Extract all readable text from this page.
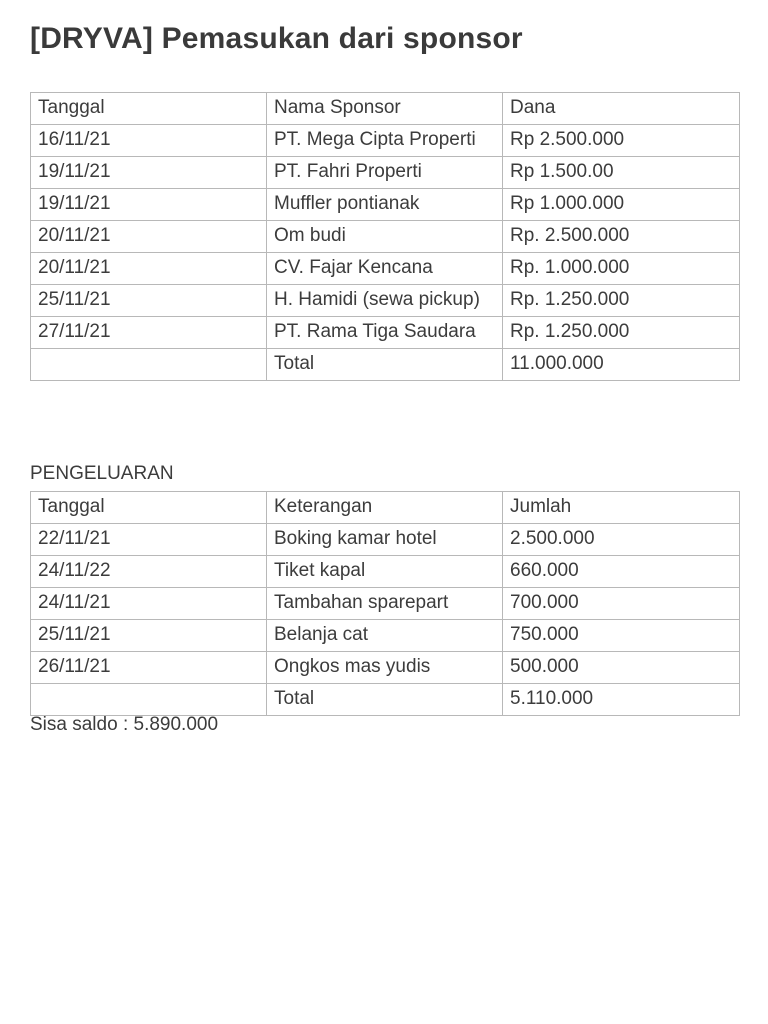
[DRYVA] Pemasukan dari sponsor
Tanggal	Nama Sponsor	Dana
16/11/21	PT. Mega Cipta Properti	Rp 2.500.000
19/11/21	PT. Fahri Properti	Rp 1.500.00
19/11/21	Muffler pontianak	Rp 1.000.000
20/11/21	Om budi	Rp. 2.500.000
20/11/21	CV. Fajar Kencana	Rp. 1.000.000
25/11/21	H. Hamidi (sewa pickup)	Rp. 1.250.000
27/11/21	PT. Rama Tiga Saudara	Rp. 1.250.000
	Total	11.000.000
PENGELUARAN
Tanggal	Keterangan	Jumlah
22/11/21	Boking kamar hotel	2.500.000
24/11/22	Tiket kapal	660.000
24/11/21	Tambahan sparepart	700.000
25/11/21	Belanja cat	750.000
26/11/21	Ongkos mas yudis	500.000
	Total	5.110.000
Sisa saldo : 5.890.000
